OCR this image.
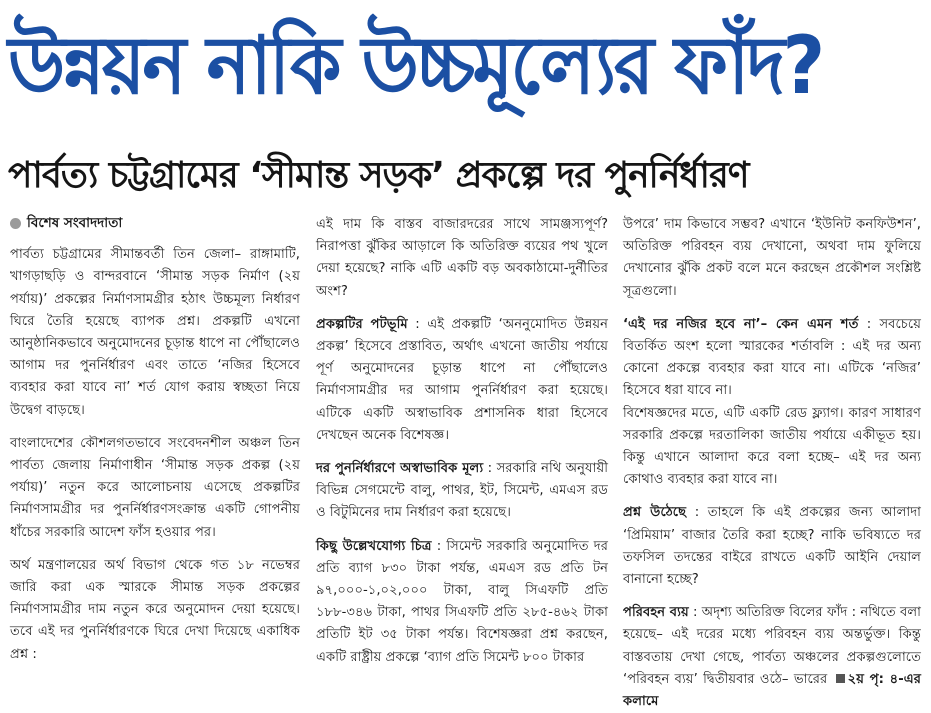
উন্নয়ন নাকি উচ্চমূল্যের ফাঁদ?
পার্বত্য চট্টগ্রামের ‘সীমান্ত সড়ক’ প্রকল্পে দর পুনর্নির্ধারণ
বিশেষ সংবাদদাতা

পার্বত্য চট্টগ্রামের সীমান্তবর্তী তিন জেলা– রাঙ্গামাটি, খাগড়াছড়ি ও বান্দরবানে ‘সীমান্ত সড়ক নির্মাণ (২য় পর্যায়)’ প্রকল্পের নির্মাণসামগ্রীর হঠাৎ উচ্চমূল্য নির্ধারণ ঘিরে তৈরি হয়েছে ব্যাপক প্রশ্ন। প্রকল্পটি এখনো আনুষ্ঠানিকভাবে অনুমোদনের চূড়ান্ত ধাপে না পৌঁছালেও আগাম দর পুনর্নির্ধারণ এবং তাতে ‘নজির হিসেবে ব্যবহার করা যাবে না’ শর্ত যোগ করায় স্বচ্ছতা নিয়ে উদ্বেগ বাড়ছে।

বাংলাদেশের কৌশলগতভাবে সংবেদনশীল অঞ্চল তিন পার্বত্য জেলায় নির্মাণাধীন ‘সীমান্ত সড়ক প্রকল্প (২য় পর্যায়)’ নতুন করে আলোচনায় এসেছে প্রকল্পটির নির্মাণসামগ্রীর দর পুনর্নির্ধারণসংক্রান্ত একটি গোপনীয় ধাঁচের সরকারি আদেশ ফাঁস হওয়ার পর।

অর্থ মন্ত্রণালয়ের অর্থ বিভাগ থেকে গত ১৮ নভেম্বর জারি করা এক স্মারকে সীমান্ত সড়ক প্রকল্পের নির্মাণসামগ্রীর দাম নতুন করে অনুমোদন দেয়া হয়েছে। তবে এই দর পুনর্নির্ধারণকে ঘিরে দেখা দিয়েছে একাধিক প্রশ্ন :

এই দাম কি বাস্তব বাজারদরের সাথে সামঞ্জস্যপূর্ণ? নিরাপত্তা ঝুঁকির আড়ালে কি অতিরিক্ত ব্যয়ের পথ খুলে দেয়া হয়েছে? নাকি এটি একটি বড় অবকাঠামো-দুর্নীতির অংশ?

প্রকল্পটির পটভূমি : এই প্রকল্পটি ‘অননুমোদিত উন্নয়ন প্রকল্প’ হিসেবে প্রস্তাবিত, অর্থাৎ এখনো জাতীয় পর্যায়ে পূর্ণ অনুমোদনের চূড়ান্ত ধাপে না পৌঁছালেও নির্মাণসামগ্রীর দর আগাম পুনর্নির্ধারণ করা হয়েছে। এটিকে একটি অস্বাভাবিক প্রশাসনিক ধারা হিসেবে দেখছেন অনেক বিশেষজ্ঞ।

দর পুনর্নির্ধারণে অস্বাভাবিক মূল্য : সরকারি নথি অনুযায়ী বিভিন্ন সেগমেন্টে বালু, পাথর, ইট, সিমেন্ট, এমএস রড ও বিটুমিনের দাম নির্ধারণ করা হয়েছে।

কিছু উল্লেখযোগ্য চিত্র : সিমেন্ট সরকারি অনুমোদিত দর প্রতি ব্যাগ ৮৩০ টাকা পর্যন্ত, এমএস রড প্রতি টন ৯৭,০০০-১,০২,০০০ টাকা, বালু সিএফটি প্রতি ১৮৮-৩৪৬ টাকা, পাথর সিএফটি প্রতি ২৮৫-৪৬২ টাকা প্রতিটি ইট ৩৫ টাকা পর্যন্ত। বিশেষজ্ঞরা প্রশ্ন করছেন, একটি রাষ্ট্রীয় প্রকল্পে ‘ব্যাগ প্রতি সিমেন্ট ৮০০ টাকার

উপরে’ দাম কিভাবে সম্ভব? এখানে ‘ইউনিট কনফিউশন’, অতিরিক্ত পরিবহন ব্যয় দেখানো, অথবা দাম ফুলিয়ে দেখানোর ঝুঁকি প্রকট বলে মনে করছেন প্রকৌশল সংশ্লিষ্ট সূত্রগুলো।

‘এই দর নজির হবে না’– কেন এমন শর্ত : সবচেয়ে বিতর্কিত অংশ হলো স্মারকের শর্তাবলি : এই দর অন্য কোনো প্রকল্পে ব্যবহার করা যাবে না। এটিকে ‘নজির’ হিসেবে ধরা যাবে না।

বিশেষজ্ঞদের মতে, এটি একটি রেড ফ্ল্যাগ। কারণ সাধারণ সরকারি প্রকল্পে দরতালিকা জাতীয় পর্যায়ে একীভূত হয়। কিন্তু এখানে আলাদা করে বলা হচ্ছে– এই দর অন্য কোথাও ব্যবহার করা যাবে না।

প্রশ্ন উঠেছে : তাহলে কি এই প্রকল্পের জন্য আলাদা ‘প্রিমিয়াম’ বাজার তৈরি করা হচ্ছে? নাকি ভবিষ্যতে দর তফসিল তদন্তের বাইরে রাখতে একটি আইনি দেয়াল বানানো হচ্ছে?

পরিবহন ব্যয় : অদৃশ্য অতিরিক্ত বিলের ফাঁদ : নথিতে বলা হয়েছে– এই দরের মধ্যে পরিবহন ব্যয় অন্তর্ভুক্ত। কিন্তু বাস্তবতায় দেখা গেছে, পার্বত্য অঞ্চলের প্রকল্পগুলোতে ‘পরিবহন ব্যয়’ দ্বিতীয়বার ওঠে– ভারের ২য় পৃ: ৪-এর কলামে
